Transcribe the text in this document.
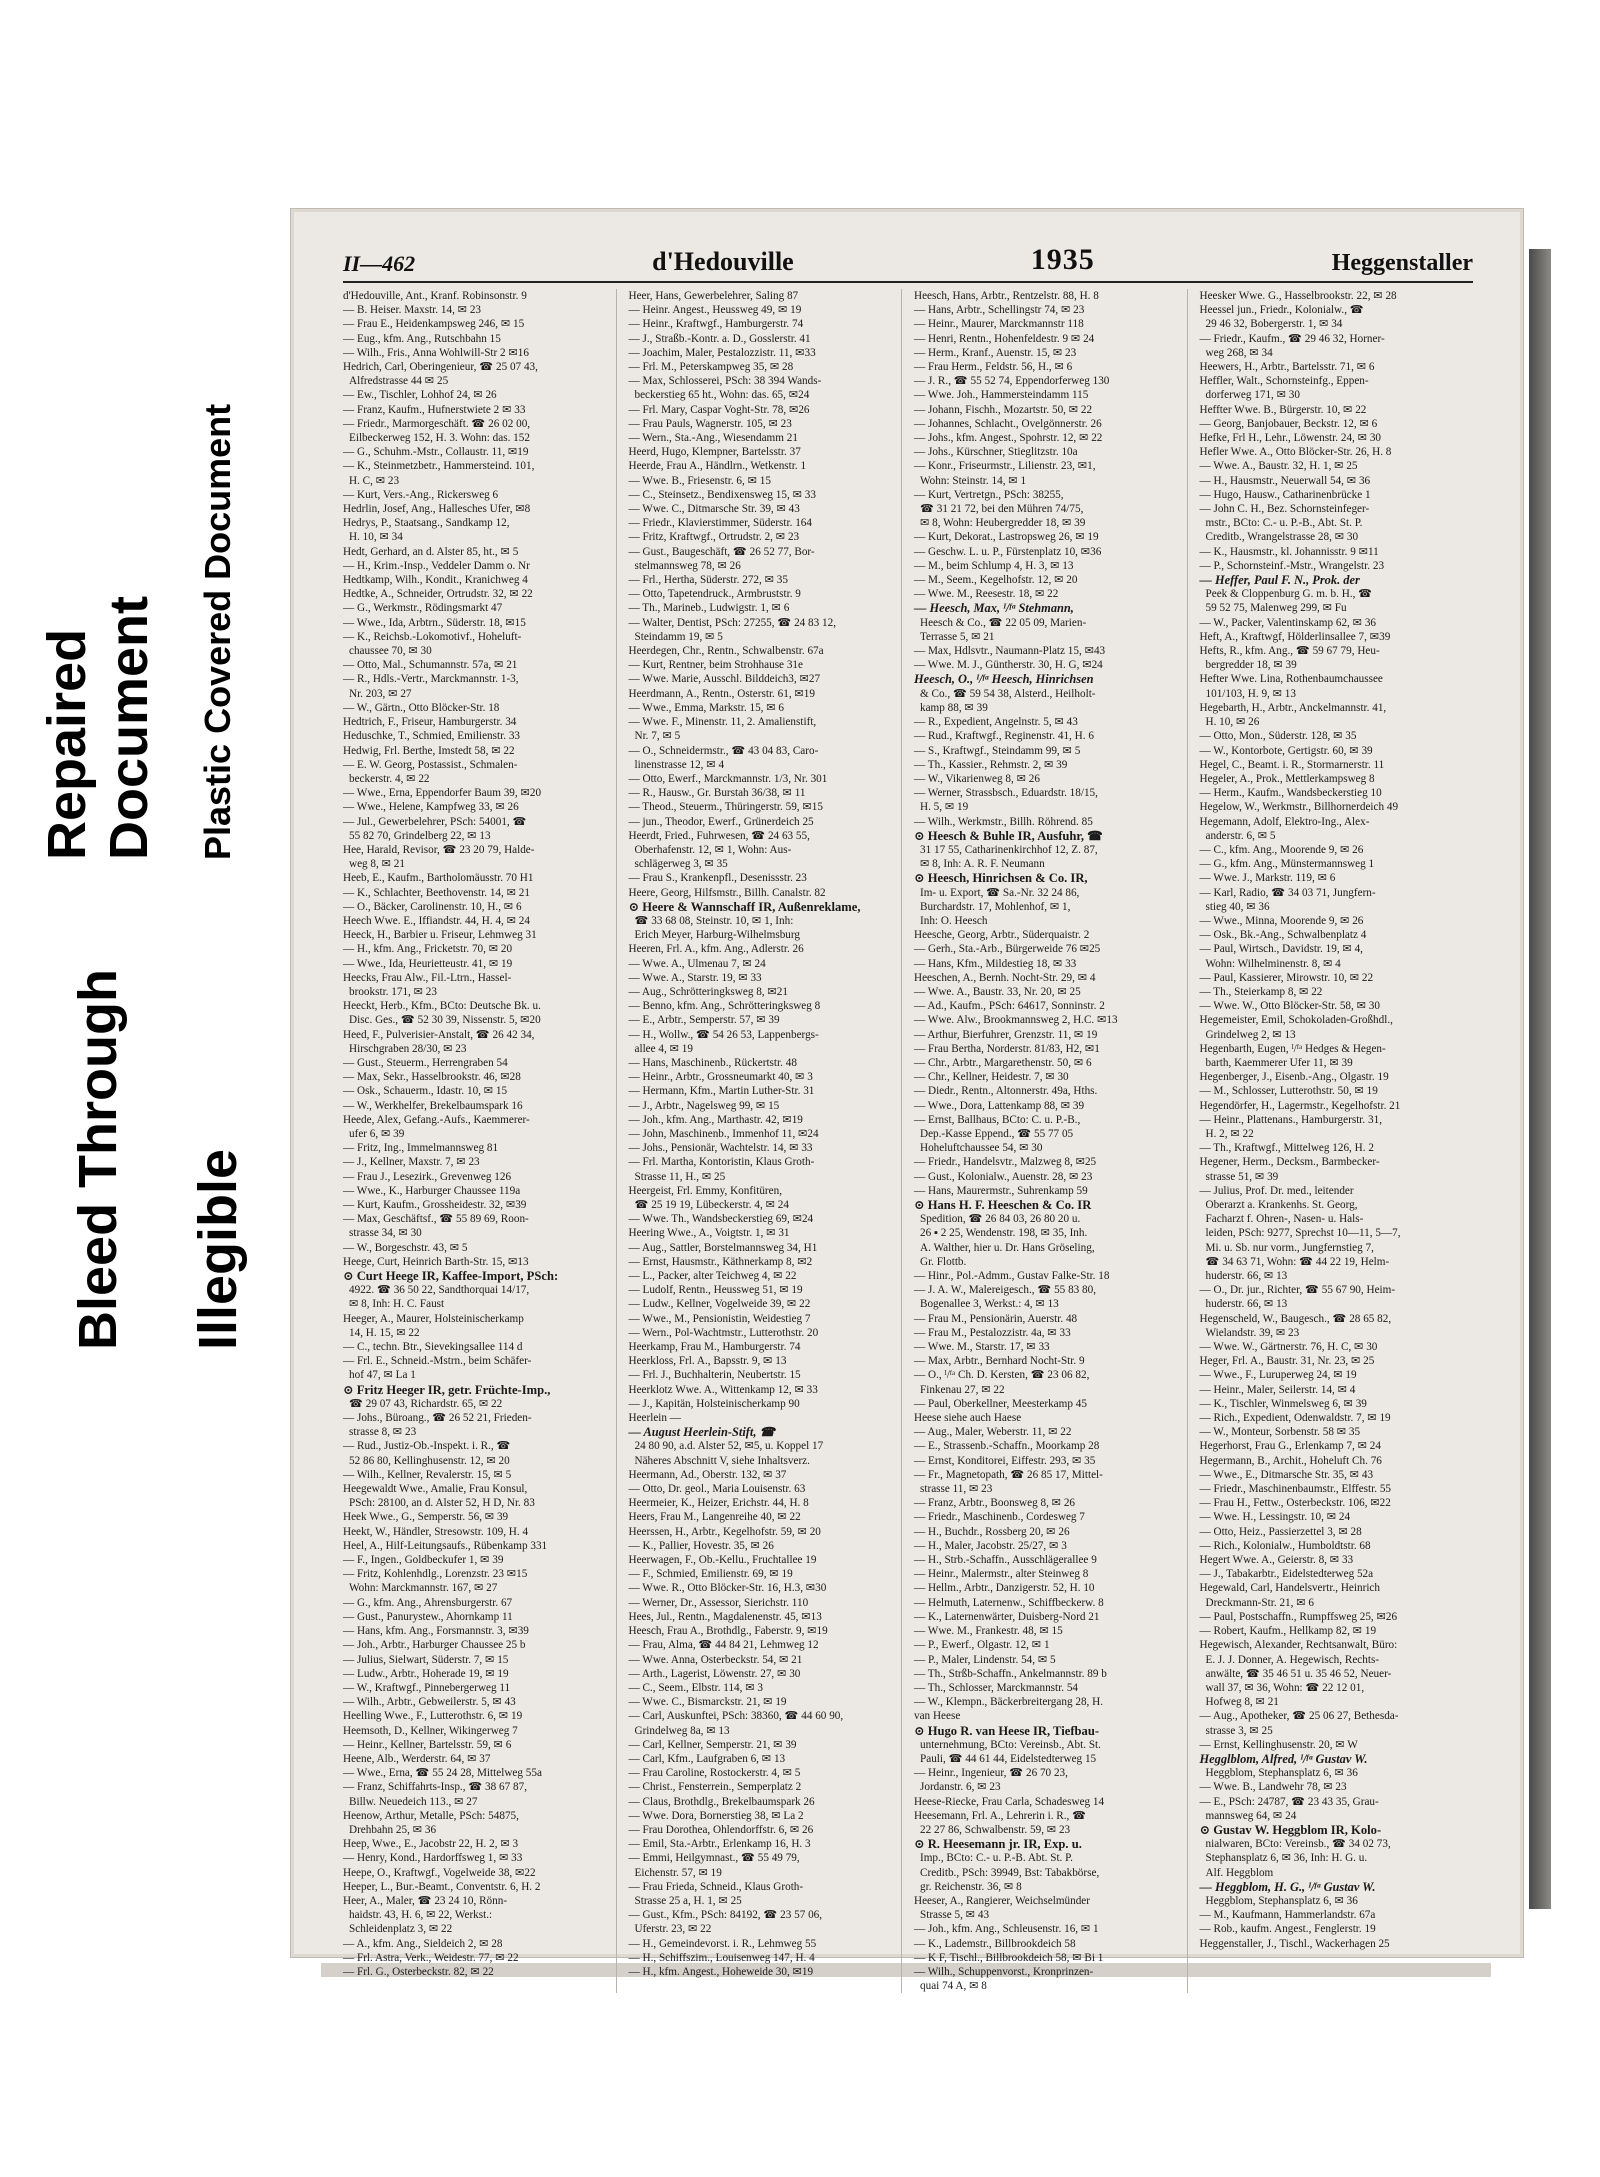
Bleed Through
Repaired Document
Illegible
Plastic Covered Document
II—462	d'Hedouville	1935	Heggenstaller
d'Hedouville, Ant., Kranf. Robinsonstr. 9
— B. Heiser. Maxstr. 14, ✉ 23
— Frau E., Heidenkampsweg 246, ✉ 15
— Eug., kfm. Ang., Rutschbahn 15
— Wilh., Fris., Anna Wohlwill-Str 2 ✉16
Hedrich, Carl, Oberingenieur, ☎ 25 07 43,
Alfredstrasse 44 ✉ 25
— Ew., Tischler, Lohhof 24, ✉ 26
— Franz, Kaufm., Hufnerstwiete 2 ✉ 33
— Friedr., Marmorgeschäft. ☎ 26 02 00,
Eilbeckerweg 152, H. 3. Wohn: das. 152
— G., Schuhm.-Mstr., Collaustr. 11, ✉19
— K., Steinmetzbetr., Hammersteind. 101,
H. C, ✉ 23
— Kurt, Vers.-Ang., Rickersweg 6
Hedrlin, Josef, Ang., Hallesches Ufer, ✉8
Hedrys, P., Staatsang., Sandkamp 12,
H. 10, ✉ 34
Hedt, Gerhard, an d. Alster 85, ht., ✉ 5
— H., Krim.-Insp., Veddeler Damm o. Nr
Hedtkamp, Wilh., Kondit., Kranichweg 4
Hedtke, A., Schneider, Ortrudstr. 32, ✉ 22
— G., Werkmstr., Rödingsmarkt 47
— Wwe., Ida, Arbtrn., Süderstr. 18, ✉15
— K., Reichsb.-Lokomotivf., Hoheluft-
chaussee 70, ✉ 30
— Otto, Mal., Schumannstr. 57a, ✉ 21
— R., Hdls.-Vertr., Marckmannstr. 1-3,
Nr. 203, ✉ 27
— W., Gärtn., Otto Blöcker-Str. 18
Hedtrich, F., Friseur, Hamburgerstr. 34
Heduschke, T., Schmied, Emilienstr. 33
Hedwig, Frl. Berthe, Imstedt 58, ✉ 22
— E. W. Georg, Postassist., Schmalen-
beckerstr. 4, ✉ 22
— Wwe., Erna, Eppendorfer Baum 39, ✉20
— Wwe., Helene, Kampfweg 33, ✉ 26
— Jul., Gewerbelehrer, PSch: 54001, ☎
55 82 70, Grindelberg 22, ✉ 13
Hee, Harald, Revisor, ☎ 23 20 79, Halde-
weg 8, ✉ 21
Heeb, E., Kaufm., Bartholomäusstr. 70 H1
— K., Schlachter, Beethovenstr. 14, ✉ 21
— O., Bäcker, Carolinenstr. 10, H., ✉ 6
Heech Wwe. E., Iffiandstr. 44, H. 4, ✉ 24
Heeck, H., Barbier u. Friseur, Lehmweg 31
— H., kfm. Ang., Fricketstr. 70, ✉ 20
— Wwe., Ida, Heurietteustr. 41, ✉ 19
Heecks, Frau Alw., Fil.-Ltrn., Hassel-
brookstr. 171, ✉ 23
Heeckt, Herb., Kfm., BCto: Deutsche Bk. u.
Disc. Ges., ☎ 52 30 39, Nissenstr. 5, ✉20
Heed, F., Pulverisier-Anstalt, ☎ 26 42 34,
Hirschgraben 28/30, ✉ 23
— Gust., Steuerm., Herrengraben 54
— Max, Sekr., Hasselbrookstr. 46, ✉28
— Osk., Schauerm., Idastr. 10, ✉ 15
— W., Werkhelfer, Brekelbaumspark 16
Heede, Alex, Gefang.-Aufs., Kaemmerer-
ufer 6, ✉ 39
— Fritz, Ing., Immelmannsweg 81
— J., Kellner, Maxstr. 7, ✉ 23
— Frau J., Lesezirk., Grevenweg 126
— Wwe., K., Harburger Chaussee 119a
— Kurt, Kaufm., Grossheidestr. 32, ✉39
— Max, Geschäftsf., ☎ 55 89 69, Roon-
strasse 34, ✉ 30
— W., Borgeschstr. 43, ✉ 5
Heege, Curt, Heinrich Barth-Str. 15, ✉13
⊙ Curt Heege IR, Kaffee-Import, PSch:
4922. ☎ 36 50 22, Sandthorquai 14/17,
✉ 8, Inh: H. C. Faust
Heeger, A., Maurer, Holsteinischerkamp
14, H. 15, ✉ 22
— C., techn. Btr., Sievekingsallee 114 d
— Frl. E., Schneid.-Mstrn., beim Schäfer-
hof 47, ✉ La 1
⊙ Fritz Heeger IR, getr. Früchte-Imp.,
☎ 29 07 43, Richardstr. 65, ✉ 22
— Johs., Büroang., ☎ 26 52 21, Frieden-
strasse 8, ✉ 23
— Rud., Justiz-Ob.-Inspekt. i. R., ☎
52 86 80, Kellinghusenstr. 12, ✉ 20
— Wilh., Kellner, Revalerstr. 15, ✉ 5
Heegewaldt Wwe., Amalie, Frau Konsul,
PSch: 28100, an d. Alster 52, H D, Nr. 83
Heek Wwe., G., Semperstr. 56, ✉ 39
Heekt, W., Händler, Stresowstr. 109, H. 4
Heel, A., Hilf-Leitungsaufs., Rübenkamp 331
— F., Ingen., Goldbeckufer 1, ✉ 39
— Fritz, Kohlenhdlg., Lorenzstr. 23 ✉15
Wohn: Marckmannstr. 167, ✉ 27
— G., kfm. Ang., Ahrensburgerstr. 67
— Gust., Panurystew., Ahornkamp 11
— Hans, kfm. Ang., Forsmannstr. 3, ✉39
— Joh., Arbtr., Harburger Chaussee 25 b
— Julius, Sielwart, Süderstr. 7, ✉ 15
— Ludw., Arbtr., Hoherade 19, ✉ 19
— W., Kraftwgf., Pinnebergerweg 11
— Wilh., Arbtr., Gebweilerstr. 5, ✉ 43
Heelling Wwe., F., Lutterothstr. 6, ✉ 19
Heemsoth, D., Kellner, Wikingerweg 7
— Heinr., Kellner, Bartelsstr. 59, ✉ 6
Heene, Alb., Werderstr. 64, ✉ 37
— Wwe., Erna, ☎ 55 24 28, Mittelweg 55a
— Franz, Schiffahrts-Insp., ☎ 38 67 87,
Billw. Neuedeich 113., ✉ 27
Heenow, Arthur, Metalle, PSch: 54875,
Drehbahn 25, ✉ 36
Heep, Wwe., E., Jacobstr 22, H. 2, ✉ 3
— Henry, Kond., Hardorffsweg 1, ✉ 33
Heepe, O., Kraftwgf., Vogelweide 38, ✉22
Heeper, L., Bur.-Beamt., Conventstr. 6, H. 2
Heer, A., Maler, ☎ 23 24 10, Rönn-
haidstr. 43, H. 6, ✉ 22, Werkst.:
Schleidenplatz 3, ✉ 22
— A., kfm. Ang., Sieldeich 2, ✉ 28
— Frl. Astra, Verk., Weidestr. 77, ✉ 22
— Frl. G., Osterbeckstr. 82, ✉ 22
Heer, Hans, Gewerbelehrer, Saling 87
— Heinr. Angest., Heussweg 49, ✉ 19
— Heinr., Kraftwgf., Hamburgerstr. 74
— J., Straßb.-Kontr. a. D., Gosslerstr. 41
— Joachim, Maler, Pestalozzistr. 11, ✉33
— Frl. M., Peterskampweg 35, ✉ 28
— Max, Schlosserei, PSch: 38 394 Wands-
beckerstieg 65 ht., Wohn: das. 65, ✉24
— Frl. Mary, Caspar Voght-Str. 78, ✉26
— Frau Pauls, Wagnerstr. 105, ✉ 23
— Wern., Sta.-Ang., Wiesendamm 21
Heerd, Hugo, Klempner, Bartelsstr. 37
Heerde, Frau A., Händlrn., Wetkenstr. 1
— Wwe. B., Friesenstr. 6, ✉ 15
— C., Steinsetz., Bendixensweg 15, ✉ 33
— Wwe. C., Ditmarsche Str. 39, ✉ 43
— Friedr., Klavierstimmer, Süderstr. 164
— Fritz, Kraftwgf., Ortrudstr. 2, ✉ 23
— Gust., Baugeschäft, ☎ 26 52 77, Bor-
stelmannsweg 78, ✉ 26
— Frl., Hertha, Süderstr. 272, ✉ 35
— Otto, Tapetendruck., Armbruststr. 9
— Th., Marineb., Ludwigstr. 1, ✉ 6
— Walter, Dentist, PSch: 27255, ☎ 24 83 12,
Steindamm 19, ✉ 5
Heerdegen, Chr., Rentn., Schwalbenstr. 67a
— Kurt, Rentner, beim Strohhause 31e
— Wwe. Marie, Ausschl. Bilddeich3, ✉27
Heerdmann, A., Rentn., Osterstr. 61, ✉19
— Wwe., Emma, Markstr. 15, ✉ 6
— Wwe. F., Minenstr. 11, 2. Amalienstift,
Nr. 7, ✉ 5
— O., Schneidermstr., ☎ 43 04 83, Caro-
linenstrasse 12, ✉ 4
— Otto, Ewerf., Marckmannstr. 1/3, Nr. 301
— R., Hausw., Gr. Burstah 36/38, ✉ 11
— Theod., Steuerm., Thüringerstr. 59, ✉15
— jun., Theodor, Ewerf., Grünerdeich 25
Heerdt, Fried., Fuhrwesen, ☎ 24 63 55,
Oberhafenstr. 12, ✉ 1, Wohn: Aus-
schlägerweg 3, ✉ 35
— Frau S., Krankenpfl., Desenissstr. 23
Heere, Georg, Hilfsmstr., Billh. Canalstr. 82
⊙ Heere & Wannschaff IR, Außenreklame,
☎ 33 68 08, Steinstr. 10, ✉ 1, Inh:
Erich Meyer, Harburg-Wilhelmsburg
Heeren, Frl. A., kfm. Ang., Adlerstr. 26
— Wwe. A., Ulmenau 7, ✉ 24
— Wwe. A., Starstr. 19, ✉ 33
— Aug., Schrötteringksweg 8, ✉21
— Benno, kfm. Ang., Schrötteringksweg 8
— E., Arbtr., Semperstr. 57, ✉ 39
— H., Wollw., ☎ 54 26 53, Lappenbergs-
allee 4, ✉ 19
— Hans, Maschinenb., Rückertstr. 48
— Heinr., Arbtr., Grossneumarkt 40, ✉ 3
— Hermann, Kfm., Martin Luther-Str. 31
— J., Arbtr., Nagelsweg 99, ✉ 15
— Joh., kfm. Ang., Marthastr. 42, ✉19
— John, Maschinenb., Immenhof 11, ✉24
— Johs., Pensionär, Wachtelstr. 14, ✉ 33
— Frl. Martha, Kontoristin, Klaus Groth-
Strasse 11, H., ✉ 25
Heergeist, Frl. Emmy, Konfitüren,
☎ 25 19 19, Lübeckerstr. 4, ✉ 24
— Wwe. Th., Wandsbeckerstieg 69, ✉24
Heering Wwe., A., Voigtstr. 1, ✉ 31
— Aug., Sattler, Borstelmannsweg 34, H1
— Ernst, Hausmstr., Käthnerkamp 8, ✉2
— L., Packer, alter Teichweg 4, ✉ 22
— Ludolf, Rentn., Heussweg 51, ✉ 19
— Ludw., Kellner, Vogelweide 39, ✉ 22
— Wwe., M., Pensionistin, Weidestieg 7
— Wern., Pol-Wachtmstr., Lutterothstr. 20
Heerkamp, Frau M., Hamburgerstr. 74
Heerkloss, Frl. A., Bapsstr. 9, ✉ 13
— Frl. J., Buchhalterin, Neubertstr. 15
Heerklotz Wwe. A., Wittenkamp 12, ✉ 33
— J., Kapitän, Holsteinischerkamp 90
Heerlein —
— August Heerlein-Stift, ☎
24 80 90, a.d. Alster 52, ✉5, u. Koppel 17
Näheres Abschnitt V, siehe Inhaltsverz.
Heermann, Ad., Oberstr. 132, ✉ 37
— Otto, Dr. geol., Maria Louisenstr. 63
Heermeier, K., Heizer, Erichstr. 44, H. 8
Heers, Frau M., Langenreihe 40, ✉ 22
Heerssen, H., Arbtr., Kegelhofstr. 59, ✉ 20
— K., Pallier, Hovestr. 35, ✉ 26
Heerwagen, F., Ob.-Kellu., Fruchtallee 19
— F., Schmied, Emilienstr. 69, ✉ 19
— Wwe. R., Otto Blöcker-Str. 16, H.3, ✉30
— Werner, Dr., Assessor, Sierichstr. 110
Hees, Jul., Rentn., Magdalenenstr. 45, ✉13
Heesch, Frau A., Brothdlg., Faberstr. 9, ✉19
— Frau, Alma, ☎ 44 84 21, Lehmweg 12
— Wwe. Anna, Osterbeckstr. 54, ✉ 21
— Arth., Lagerist, Löwenstr. 27, ✉ 30
— C., Seem., Elbstr. 114, ✉ 3
— Wwe. C., Bismarckstr. 21, ✉ 19
— Carl, Auskunftei, PSch: 38360, ☎ 44 60 90,
Grindelweg 8a, ✉ 13
— Carl, Kellner, Semperstr. 21, ✉ 39
— Carl, Kfm., Laufgraben 6, ✉ 13
— Frau Caroline, Rostockerstr. 4, ✉ 5
— Christ., Fensterrein., Semperplatz 2
— Claus, Brothdlg., Brekelbaumspark 26
— Wwe. Dora, Bornerstieg 38, ✉ La 2
— Frau Dorothea, Ohlendorffstr. 6, ✉ 26
— Emil, Sta.-Arbtr., Erlenkamp 16, H. 3
— Emmi, Heilgymnast., ☎ 55 49 79,
Eichenstr. 57, ✉ 19
— Frau Frieda, Schneid., Klaus Groth-
Strasse 25 a, H. 1, ✉ 25
— Gust., Kfm., PSch: 84192, ☎ 23 57 06,
Uferstr. 23, ✉ 22
— H., Gemeindevorst. i. R., Lehmweg 55
— H., Schiffszim., Louisenweg 147, H. 4
— H., kfm. Angest., Hoheweide 30, ✉19
Heesch, Hans, Arbtr., Rentzelstr. 88, H. 8
— Hans, Arbtr., Schellingstr 74, ✉ 23
— Heinr., Maurer, Marckmannstr 118
— Henri, Rentn., Hohenfeldestr. 9 ✉ 24
— Herm., Kranf., Auenstr. 15, ✉ 23
— Frau Herm., Feldstr. 56, H., ✉ 6
— J. R., ☎ 55 52 74, Eppendorferweg 130
— Wwe. Joh., Hammersteindamm 115
— Johann, Fischh., Mozartstr. 50, ✉ 22
— Johannes, Schlacht., Ovelgönnerstr. 26
— Johs., kfm. Angest., Spohrstr. 12, ✉ 22
— Johs., Kürschner, Stieglitzstr. 10a
— Konr., Friseurmstr., Lilienstr. 23, ✉1,
Wohn: Steinstr. 14, ✉ 1
— Kurt, Vertretgn., PSch: 38255,
☎ 31 21 72, bei den Mühren 74/75,
✉ 8, Wohn: Heubergredder 18, ✉ 39
— Kurt, Dekorat., Lastropsweg 26, ✉ 19
— Geschw. L. u. P., Fürstenplatz 10, ✉36
— M., beim Schlump 4, H. 3, ✉ 13
— M., Seem., Kegelhofstr. 12, ✉ 20
— Wwe. M., Reesestr. 18, ✉ 22
— Heesch, Max, ᴵ/ᶠᵃ Stehmann,
Heesch & Co., ☎ 22 05 09, Marien-
Terrasse 5, ✉ 21
— Max, Hdlsvtr., Naumann-Platz 15, ✉43
— Wwe. M. J., Güntherstr. 30, H. G, ✉24
Heesch, O., ᴵ/ᶠᵃ Heesch, Hinrichsen
& Co., ☎ 59 54 38, Alsterd., Heilholt-
kamp 88, ✉ 39
— R., Expedient, Angelnstr. 5, ✉ 43
— Rud., Kraftwgf., Reginenstr. 41, H. 6
— S., Kraftwgf., Steindamm 99, ✉ 5
— Th., Kassier., Rehmstr. 2, ✉ 39
— W., Vikarienweg 8, ✉ 26
— Werner, Strassbsch., Eduardstr. 18/15,
H. 5, ✉ 19
— Wilh., Werkmstr., Billh. Röhrend. 85
⊙ Heesch & Buhle IR, Ausfuhr, ☎
31 17 55, Catharinenkirchhof 12, Z. 87,
✉ 8, Inh: A. R. F. Neumann
⊙ Heesch, Hinrichsen & Co. IR,
Im- u. Export, ☎ Sa.-Nr. 32 24 86,
Burchardstr. 17, Mohlenhof, ✉ 1,
Inh: O. Heesch
Heesche, Georg, Arbtr., Süderquaistr. 2
— Gerh., Sta.-Arb., Bürgerweide 76 ✉25
— Hans, Kfm., Mildestieg 18, ✉ 33
Heeschen, A., Bernh. Nocht-Str. 29, ✉ 4
— Wwe. A., Baustr. 33, Nr. 20, ✉ 25
— Ad., Kaufm., PSch: 64617, Sonninstr. 2
— Wwe. Alw., Brookmannsweg 2, H.C. ✉13
— Arthur, Bierfuhrer, Grenzstr. 11, ✉ 19
— Frau Bertha, Norderstr. 81/83, H2, ✉1
— Chr., Arbtr., Margarethenstr. 50, ✉ 6
— Chr., Kellner, Heidestr. 7, ✉ 30
— Diedr., Rentn., Altonnerstr. 49a, Hths.
— Wwe., Dora, Lattenkamp 88, ✉ 39
— Ernst, Ballhaus, BCto: C. u. P.-B.,
Dep.-Kasse Eppend., ☎ 55 77 05
Hoheluftchaussee 54, ✉ 30
— Friedr., Handelsvtr., Malzweg 8, ✉25
— Gust., Kolonialw., Auenstr. 28, ✉ 23
— Hans, Maurermstr., Suhrenkamp 59
⊙ Hans H. F. Heeschen & Co. IR
Spedition, ☎ 26 84 03, 26 80 20 u.
26 ▪ 2 25, Wendenstr. 198, ✉ 35, Inh.
A. Walther, hier u. Dr. Hans Gröseling,
Gr. Flottb.
— Hinr., Pol.-Admm., Gustav Falke-Str. 18
— J. A. W., Malereigesch., ☎ 55 83 80,
Bogenallee 3, Werkst.: 4, ✉ 13
— Frau M., Pensionärin, Auerstr. 48
— Frau M., Pestalozzistr. 4a, ✉ 33
— Wwe. M., Starstr. 17, ✉ 33
— Max, Arbtr., Bernhard Nocht-Str. 9
— O., ᴵ/ᶠᵃ Ch. D. Kersten, ☎ 23 06 82,
Finkenau 27, ✉ 22
— Paul, Oberkellner, Meesterkamp 45
Heese siehe auch Haese
— Aug., Maler, Weberstr. 11, ✉ 22
— E., Strassenb.-Schaffn., Moorkamp 28
— Ernst, Konditorei, Eiffestr. 293, ✉ 35
— Fr., Magnetopath, ☎ 26 85 17, Mittel-
strasse 11, ✉ 23
— Franz, Arbtr., Boonsweg 8, ✉ 26
— Friedr., Maschinenb., Cordesweg 7
— H., Buchdr., Rossberg 20, ✉ 26
— H., Maler, Jacobstr. 25/27, ✉ 3
— H., Strb.-Schaffn., Ausschlägerallee 9
— Heinr., Malermstr., alter Steinweg 8
— Hellm., Arbtr., Danzigerstr. 52, H. 10
— Helmuth, Laternenw., Schiffbeckerw. 8
— K., Laternenwärter, Duisberg-Nord 21
— Wwe. M., Frankestr. 48, ✉ 15
— P., Ewerf., Olgastr. 12, ✉ 1
— P., Maler, Lindenstr. 54, ✉ 5
— Th., Strßb-Schaffn., Ankelmannstr. 89 b
— Th., Schlosser, Marckmannstr. 54
— W., Klempn., Bäckerbreitergang 28, H.
van Heese
⊙ Hugo R. van Heese IR, Tiefbau-
unternehmung, BCto: Vereinsb., Abt. St.
Pauli, ☎ 44 61 44, Eidelstedterweg 15
— Heinr., Ingenieur, ☎ 26 70 23,
Jordanstr. 6, ✉ 23
Heese-Riecke, Frau Carla, Schadesweg 14
Heesemann, Frl. A., Lehrerin i. R., ☎
22 27 86, Schwalbenstr. 59, ✉ 23
⊙ R. Heesemann jr. IR, Exp. u.
Imp., BCto: C.- u. P.-B. Abt. St. P.
Creditb., PSch: 39949, Bst: Tabakbörse,
gr. Reichenstr. 36, ✉ 8
Heeser, A., Rangierer, Weichselmünder
Strasse 5, ✉ 43
— Joh., kfm. Ang., Schleusenstr. 16, ✉ 1
— K., Lademstr., Billbrookdeich 58
— K F, Tischl., Billbrookdeich 58, ✉ Bi 1
— Wilh., Schuppenvorst., Kronprinzen-
quai 74 A, ✉ 8
Heesker Wwe. G., Hasselbrookstr. 22, ✉ 28
Heessel jun., Friedr., Kolonialw., ☎
29 46 32, Bobergerstr. 1, ✉ 34
— Friedr., Kaufm., ☎ 29 46 32, Horner-
weg 268, ✉ 34
Heewers, H., Arbtr., Bartelsstr. 71, ✉ 6
Heffler, Walt., Schornsteinfg., Eppen-
dorferweg 171, ✉ 30
Heffter Wwe. B., Bürgerstr. 10, ✉ 22
— Georg, Banjobauer, Beckstr. 12, ✉ 6
Hefke, Frl H., Lehr., Löwenstr. 24, ✉ 30
Hefler Wwe. A., Otto Blöcker-Str. 26, H. 8
— Wwe. A., Baustr. 32, H. 1, ✉ 25
— H., Hausmstr., Neuerwall 54, ✉ 36
— Hugo, Hausw., Catharinenbrücke 1
— John C. H., Bez. Schornsteinfeger-
mstr., BCto: C.- u. P.-B., Abt. St. P.
Creditb., Wrangelstrasse 28, ✉ 30
— K., Hausmstr., kl. Johannisstr. 9 ✉11
— P., Schornsteinf.-Mstr., Wrangelstr. 23
— Heffer, Paul F. N., Prok. der
Peek & Cloppenburg G. m. b. H., ☎
59 52 75, Malenweg 299, ✉ Fu
— W., Packer, Valentinskamp 62, ✉ 36
Heft, A., Kraftwgf, Hölderlinsallee 7, ✉39
Hefts, R., kfm. Ang., ☎ 59 67 79, Heu-
bergredder 18, ✉ 39
Hefter Wwe. Lina, Rothenbaumchaussee
101/103, H. 9, ✉ 13
Hegebarth, H., Arbtr., Anckelmannstr. 41,
H. 10, ✉ 26
— Otto, Mon., Süderstr. 128, ✉ 35
— W., Kontorbote, Gertigstr. 60, ✉ 39
Hegel, C., Beamt. i. R., Stormarnerstr. 11
Hegeler, A., Prok., Mettlerkampsweg 8
— Herm., Kaufm., Wandsbeckerstieg 10
Hegelow, W., Werkmstr., Billhornerdeich 49
Hegemann, Adolf, Elektro-Ing., Alex-
anderstr. 6, ✉ 5
— C., kfm. Ang., Moorende 9, ✉ 26
— G., kfm. Ang., Münstermannsweg 1
— Wwe. J., Markstr. 119, ✉ 6
— Karl, Radio, ☎ 34 03 71, Jungfern-
stieg 40, ✉ 36
— Wwe., Minna, Moorende 9, ✉ 26
— Osk., Bk.-Ang., Schwalbenplatz 4
— Paul, Wirtsch., Davidstr. 19, ✉ 4,
Wohn: Wilhelminenstr. 8, ✉ 4
— Paul, Kassierer, Mirowstr. 10, ✉ 22
— Th., Steierkamp 8, ✉ 22
— Wwe. W., Otto Blöcker-Str. 58, ✉ 30
Hegemeister, Emil, Schokoladen-Großhdl.,
Grindelweg 2, ✉ 13
Hegenbarth, Eugen, ᴵ/ᶠᵃ Hedges & Hegen-
barth, Kaemmerer Ufer 11, ✉ 39
Hegenberger, J., Eisenb.-Ang., Olgastr. 19
— M., Schlosser, Lutterothstr. 50, ✉ 19
Hegendörfer, H., Lagermstr., Kegelhofstr. 21
— Heinr., Plattenans., Hamburgerstr. 31,
H. 2, ✉ 22
— Th., Kraftwgf., Mittelweg 126, H. 2
Hegener, Herm., Decksm., Barmbecker-
strasse 51, ✉ 39
— Julius, Prof. Dr. med., leitender
Oberarzt a. Krankenhs. St. Georg,
Facharzt f. Ohren-, Nasen- u. Hals-
leiden, PSch: 9277, Sprechst 10—11, 5—7,
Mi. u. Sb. nur vorm., Jungfernstieg 7,
☎ 34 63 71, Wohn: ☎ 44 22 19, Helm-
huderstr. 66, ✉ 13
— O., Dr. jur., Richter, ☎ 55 67 90, Heim-
huderstr. 66, ✉ 13
Hegenscheld, W., Baugesch., ☎ 28 65 82,
Wielandstr. 39, ✉ 23
— Wwe. W., Gärtnerstr. 76, H. C, ✉ 30
Heger, Frl. A., Baustr. 31, Nr. 23, ✉ 25
— Wwe., F., Luruperweg 24, ✉ 19
— Heinr., Maler, Seilerstr. 14, ✉ 4
— K., Tischler, Winmelsweg 6, ✉ 39
— Rich., Expedient, Odenwaldstr. 7, ✉ 19
— W., Monteur, Sorbenstr. 58 ✉ 35
Hegerhorst, Frau G., Erlenkamp 7, ✉ 24
Hegermann, B., Archit., Hoheluft Ch. 76
— Wwe., E., Ditmarsche Str. 35, ✉ 43
— Friedr., Maschinenbaumstr., Elffestr. 55
— Frau H., Fettw., Osterbeckstr. 106, ✉22
— Wwe. H., Lessingstr. 10, ✉ 24
— Otto, Heiz., Passierzettel 3, ✉ 28
— Rich., Kolonialw., Humboldtstr. 68
Hegert Wwe. A., Geierstr. 8, ✉ 33
— J., Tabakarbtr., Eidelstedterweg 52a
Hegewald, Carl, Handelsvertr., Heinrich
Dreckmann-Str. 21, ✉ 6
— Paul, Postschaffn., Rumpffsweg 25, ✉26
— Robert, Kaufm., Hellkamp 82, ✉ 19
Hegewisch, Alexander, Rechtsanwalt, Büro:
E. J. J. Donner, A. Hegewisch, Rechts-
anwälte, ☎ 35 46 51 u. 35 46 52, Neuer-
wall 37, ✉ 36, Wohn: ☎ 22 12 01,
Hofweg 8, ✉ 21
— Aug., Apotheker, ☎ 25 06 27, Bethesda-
strasse 3, ✉ 25
— Ernst, Kellinghusenstr. 20, ✉ W
Hegglblom, Alfred, ᴵ/ᶠᵃ Gustav W.
Heggblom, Stephansplatz 6, ✉ 36
— Wwe. B., Landwehr 78, ✉ 23
— E., PSch: 24787, ☎ 23 43 35, Grau-
mannsweg 64, ✉ 24
⊙ Gustav W. Heggblom IR, Kolo-
nialwaren, BCto: Vereinsb., ☎ 34 02 73,
Stephansplatz 6, ✉ 36, Inh: H. G. u.
Alf. Heggblom
— Heggblom, H. G., ᴵ/ᶠᵃ Gustav W.
Heggblom, Stephansplatz 6, ✉ 36
— M., Kaufmann, Hammerlandstr. 67a
— Rob., kaufm. Angest., Fenglerstr. 19
Heggenstaller, J., Tischl., Wackerhagen 25
